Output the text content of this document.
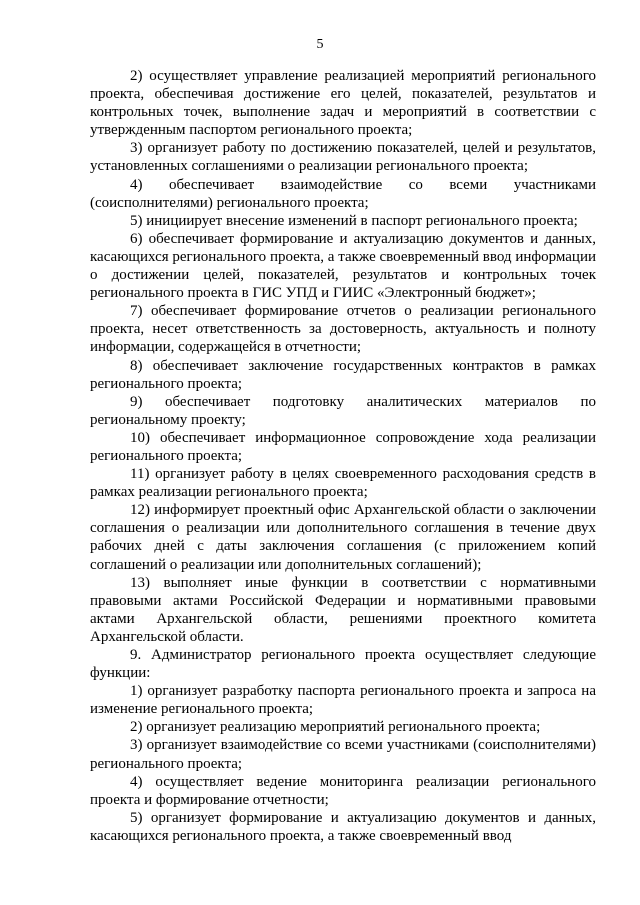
5

2) осуществляет управление реализацией мероприятий регионального проекта, обеспечивая достижение его целей, показателей, результатов и контрольных точек, выполнение задач и мероприятий в соответствии с утвержденным паспортом регионального проекта;

3) организует работу по достижению показателей, целей и результатов, установленных соглашениями о реализации регионального проекта;

4) обеспечивает взаимодействие со всеми участниками (соисполнителями) регионального проекта;

5) инициирует внесение изменений в паспорт регионального проекта;

6) обеспечивает формирование и актуализацию документов и данных, касающихся регионального проекта, а также своевременный ввод информации о достижении целей, показателей, результатов и контрольных точек регионального проекта в ГИС УПД и ГИИС «Электронный бюджет»;

7) обеспечивает формирование отчетов о реализации регионального проекта, несет ответственность за достоверность, актуальность и полноту информации, содержащейся в отчетности;

8) обеспечивает заключение государственных контрактов в рамках регионального проекта;

9) обеспечивает подготовку аналитических материалов по региональному проекту;

10) обеспечивает информационное сопровождение хода реализации регионального проекта;

11) организует работу в целях своевременного расходования средств в рамках реализации регионального проекта;

12) информирует проектный офис Архангельской области о заключении соглашения о реализации или дополнительного соглашения в течение двух рабочих дней с даты заключения соглашения (с приложением копий соглашений о реализации или дополнительных соглашений);

13) выполняет иные функции в соответствии с нормативными правовыми актами Российской Федерации и нормативными правовыми актами Архангельской области, решениями проектного комитета Архангельской области.

9. Администратор регионального проекта осуществляет следующие функции:

1) организует разработку паспорта регионального проекта и запроса на изменение регионального проекта;

2) организует реализацию мероприятий регионального проекта;

3) организует взаимодействие со всеми участниками (соисполнителями) регионального проекта;

4) осуществляет ведение мониторинга реализации регионального проекта и формирование отчетности;

5) организует формирование и актуализацию документов и данных, касающихся регионального проекта, а также своевременный ввод
